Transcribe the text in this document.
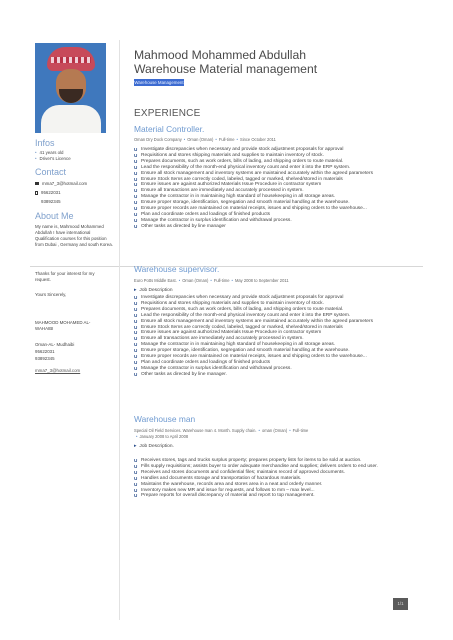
Infos
• 41 years old
• Driver's Licence
Contact
mma7_3@hotmail.com
95622031
93892345
About Me
My name is, Mahmood Mohammed Abdullah I have international Qualification courses for this position from Dubai , Germany and south Korea.
Thanks for your interest for my request.
Yours Sincerely,
MAHMOOD MOHAMED AL-WAHAIBI
Oman-AL- Mudhaibi
95622031
93892345
mma7_3@hotmail.com
Mahmood Mohammed Abdullah
Warehouse Material management
Warehouse Management
EXPERIENCE
Material Controller.
Oman Dry Dock Company • Oman (Oman) • Full-time • Since October 2011
U Investigate discrepancies when necessary and provide stock adjustment proposals for approval
U Requisitions and stores shipping materials and supplies to maintain inventory of stock.
U Prepares documents, such as work orders, bills of lading, and shipping orders to route material.
U Lead the responsibility of the month-end physical inventory count and enter it into the ERP system.
U Ensure all stock management and inventory systems are maintained accurately within the agreed parameters
U Ensure Stock Items are correctly coded, labeled, tagged or marked, shelved/stored in materials
U Ensure issues are against authorized Materials Issue Procedure in contractor system
U Ensure all transactions are immediately and accurately processed in system.
U Manage the contractor in in maintaining high standard of housekeeping in all storage areas.
U Ensure proper storage, identification, segregation and smooth material handling at the warehouse.
U Ensure proper records are maintained on material receipts, issues and shipping orders to the warehouse...
U Plan and coordinate orders and loadings of finished products
U Manage the contractor in surplus identification and withdrawal process.
U Other tasks as directed by line manager
Warehouse supervisor.
Euro Potts Middle East. • Oman (Oman) • Full-time • May 2008 to September 2011
▸ Job Description
U Investigate discrepancies when necessary and provide stock adjustment proposals for approval
U Requisitions and stores shipping materials and supplies to maintain inventory of stock.
U Prepares documents, such as work orders, bills of lading, and shipping orders to route material.
U Lead the responsibility of the month-end physical inventory count and enter it into the ERP system.
U Ensure all stock management and inventory systems are maintained accurately within the agreed parameters
U Ensure Stock Items are correctly coded, labeled, tagged or marked, shelved/stored in materials
U Ensure issues are against authorized Materials Issue Procedure in contractor system
U Ensure all transactions are immediately and accurately processed in system.
U Manage the contractor in in maintaining high standard of housekeeping in all storage areas.
U Ensure proper storage, identification, segregation and smooth material handling at the warehouse.
U Ensure proper records are maintained on material receipts, issues and shipping orders to the warehouse...
U Plan and coordinate orders and loadings of finished products
U Manage the contractor in surplus identification and withdrawal process.
U Other tasks as directed by line manager.
Warehouse man
Special Oil Field Services. Warehouse man 4. Month. Supply chain. • oman (Oman) • Full-time
• January 2008 to April 2008
▸ Job Description.
U Receives stores, tags and trucks surplus property; prepares property lists for items to be sold at auction.
U Fills supply requisitions; assists buyer to order adequate merchandise and supplies; delivers orders to end user.
U Receives and stores documents and confidential files; maintains record of approved documents.
U Handles and documents storage and transportation of hazardous materials.
U Maintains the warehouse, records area and stores area in a neat and orderly manner.
U Inventory makes new MR and issue for requests, and follows to mm – max level...
U Prepare reports for overall discrepancy of material and report to top management.
1/1
